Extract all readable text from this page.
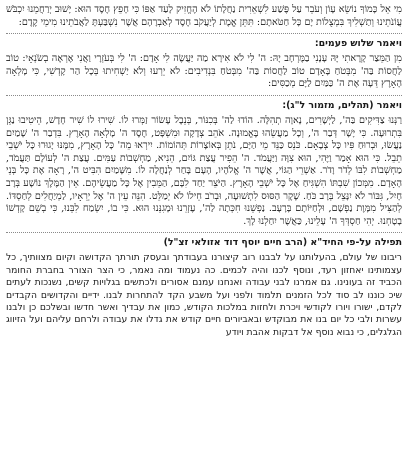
מִי אֵל כָּמוֹךָ נוֹשֵׂא עָוֹן וְעֹבֵר עַל פֶּשַׁע לִשְׁאֵרִית נַחֲלָתוֹ לֹא הֶחֱזִיק לָעַד אַפּוֹ כִּי חָפֵץ חֶסֶד הוּא: יָשׁוּב יְרַחֲמֵנוּ יִכְבֹּשׁ עֲוֹנֹתֵינוּ וְתַשְׁלִיךְ בִּמְצֻלוֹת יָם כָּל חַטֹּאתָם: תִּתֵּן אֱמֶת לְיַעֲקֹב חֶסֶד לְאַבְרָהָם אֲשֶׁר נִשְׁבַּעְתָּ לַאֲבֹתֵינוּ מִימֵי קֶדֶם:

ויאמר שלוש פעמים:

מִן הַמֵּצַר קָרָאתִי יָּהּ עָנָנִי בַמֶּרְחָב יָהּ: ה' לִי לֹא אִירָא מַה יַּעֲשֶׂה לִי אָדָם: ה' לִי בְּעֹזְרָי וַאֲנִי אֶרְאֶה בְשֹׂנְאָי: טוֹב לַחֲסוֹת בַּה' מִבְּטֹחַ בָּאָדָם טוֹב לַחֲסוֹת בַּה' מִבְּטֹחַ בִּנְדִיבִים: לֹא יֵרְעוּ וְלֹא יַשְׁחִיתוּ בְּכָל הַר קָדְשִׁי, כִּי מָלְאָה הָאָרֶץ דֵּעָה אֶת ה' כַּמַּיִם לַיָּם מְכַסִּים:

ויאמר (תהלים, מזמור ל"ג):

רַנְּנוּ צַדִּיקִים בַּה', לַיְשָׁרִים, נָאוָה תְהִלָּה. הוֹדוּ לַה' בְּכִנּוֹר, בְּנֵבֶל עָשׂוֹר זַמְּרוּ לוֹ. שִׁירוּ לוֹ שִׁיר חָדָשׁ, הֵיטִיבוּ נַגֵּן בִּתְרוּעָה. כִּי יָשָׁר דְּבַר ה', וְכָל מַעֲשֵׂהוּ בֶּאֱמוּנָה. אֹהֵב צְדָקָה וּמִשְׁפָּט, חֶסֶד ה' מָלְאָה הָאָרֶץ. בִּדְבַר ה' שָׁמַיִם נַעֲשׂוּ, וּבְרוּחַ פִּיו כָּל צְבָאָם. כֹּנֵס כַּנֵּד מֵי הַיָּם, נֹתֵן בְּאוֹצָרוֹת תְּהוֹמוֹת. יִירְאוּ מֵה' כָּל הָאָרֶץ, מִמֶּנּוּ יָגוּרוּ כָּל יֹשְׁבֵי תֵבֵל. כִּי הוּא אָמַר וַיֶּהִי, הוּא צִוָּה וַיַּעֲמֹד. ה' הֵפִיר עֲצַת גּוֹיִם, הֵנִיא, מַחְשְׁבוֹת עַמִּים. עֲצַת ה' לְעוֹלָם תַּעֲמֹד, מַחְשְׁבוֹת לִבּוֹ לְדֹר וָדֹר. אַשְׁרֵי הַגּוֹי, אֲשֶׁר ה' אֱלֹהָיו, הָעָם בָּחַר לְנַחֲלָה לוֹ. מִשָּׁמַיִם הִבִּיט ה', רָאָה אֶת כָּל בְּנֵי הָאָדָם. מִמְּכוֹן שִׁבְתּוֹ הִשְׁגִּיחַ אֶל כָּל יֹשְׁבֵי הָאָרֶץ. הַיֹּצֵר יַחַד לִבָּם, הַמֵּבִין אֶל כָּל מַעֲשֵׂיהֶם. אֵין הַמֶּלֶךְ נוֹשָׁע בְּרָב חָיִל, גִּבּוֹר לֹא יִנָּצֵל בְּרָב כֹּחַ. שֶׁקֶר הַסּוּס לִתְשׁוּעָה, וּבְרֹב חֵילוֹ לֹא יְמַלֵּט. הִנֵּה עֵין ה' אֶל יְרֵאָיו, לַמְיַחֲלִים לְחַסְדּוֹ. לְהַצִּיל מִמָּוֶת נַפְשָׁם, וּלְחַיּוֹתָם בָּרָעָב. נַפְשֵׁנוּ חִכְּתָה לַה', עֶזְרֵנוּ וּמָגִנֵּנוּ הוּא. כִּי בוֹ, יִשְׂמַח לִבֵּנוּ, כִּי בְשֵׁם קָדְשׁוֹ בָטָחְנוּ. יְהִי חַסְדְּךָ ה' עָלֵינוּ, כַּאֲשֶׁר יִחַלְנוּ לָךְ.

תפילה על-פי החיד"א (הרב חיים יוסף דוד אזולאי זצ"ל)

ריבונו של עולם, בהעלותנו על לבבנו רוב קיצורנו בעבודתך ובעסק תורתך הקדושה וקיום מצוותיך, כל עצמותינו יאחזון רעד, ונוסף לכנו והיה לכמים. כה נעמוד ומה נאמר, כי הצר הצורר בחברת החומר הכביד זה בעונינו. גם אמרנו לבני עבודה ואנחנו עמנם אסורים ולכתשים בגלויות קשים, נשנכות לעתים שיכ כוננו לב סוד לכל הזמנים תלמוד ולפני ועל משבע הקד להתחרות לבנו. ידיים והקדושים הקבדים לקדם, ישורו ויורו לקודשי ויכרת ולחזות במלכות הקודש, כמון את עבדיך ואשר חדשו ובשלכם כן ולבנו עשרות ולבי כל יום בנו את מבוקדש ובאביורים חיים קודש את גדלו את עבודה ולרחם עליהם ועל הזיווג הגלגלים, כי נבוא נוסף אל דבקות אהבת ויודע
